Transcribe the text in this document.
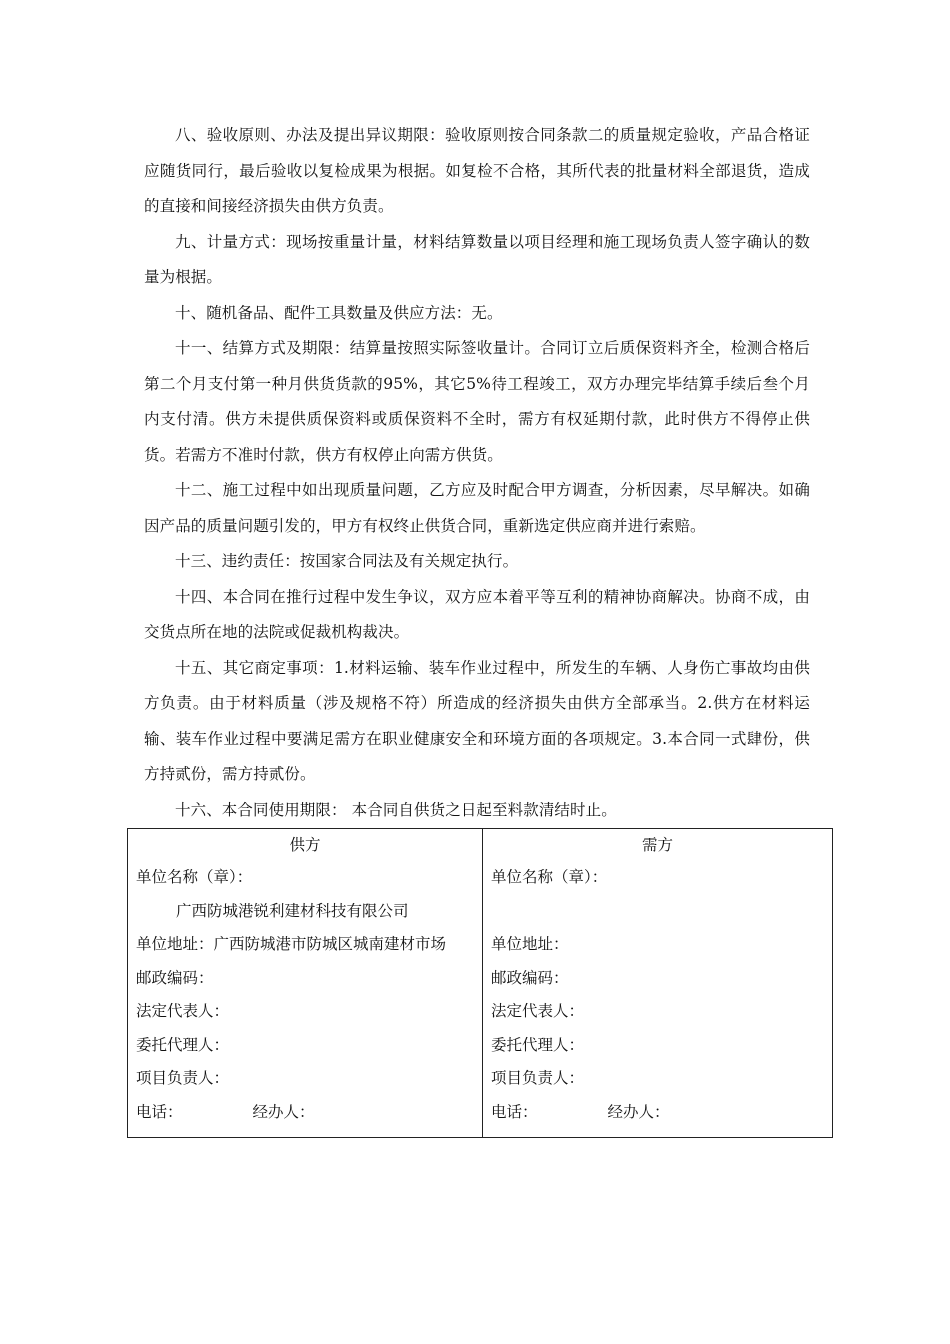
八、验收原则、办法及提出异议期限：验收原则按合同条款二的质量规定验收，产品合格证应随货同行，最后验收以复检成果为根据。如复检不合格，其所代表的批量材料全部退货，造成的直接和间接经济损失由供方负责。

九、计量方式：现场按重量计量，材料结算数量以项目经理和施工现场负责人签字确认的数量为根据。

十、随机备品、配件工具数量及供应方法：无。

十一、结算方式及期限：结算量按照实际签收量计。合同订立后质保资料齐全，检测合格后第二个月支付第一种月供货货款的95%，其它5%待工程竣工，双方办理完毕结算手续后叁个月内支付清。供方未提供质保资料或质保资料不全时，需方有权延期付款，此时供方不得停止供货。若需方不准时付款，供方有权停止向需方供货。

十二、施工过程中如出现质量问题，乙方应及时配合甲方调查，分析因素，尽早解决。如确因产品的质量问题引发的，甲方有权终止供货合同，重新选定供应商并进行索赔。

十三、违约责任：按国家合同法及有关规定执行。

十四、本合同在推行过程中发生争议，双方应本着平等互利的精神协商解决。协商不成，由交货点所在地的法院或促裁机构裁决。

十五、其它商定事项：1.材料运输、装车作业过程中，所发生的车辆、人身伤亡事故均由供方负责。由于材料质量（涉及规格不符）所造成的经济损失由供方全部承当。2.供方在材料运输、装车作业过程中要满足需方在职业健康安全和环境方面的各项规定。3.本合同一式肆份，供方持贰份，需方持贰份。

十六、本合同使用期限： 本合同自供货之日起至料款清结时止。

供方
单位名称（章）：
广西防城港锐利建材科技有限公司
单位地址：广西防城港市防城区城南建材市场
邮政编码：
法定代表人：
委托代理人：
项目负责人：
电话：	经办人：
需方
单位名称（章）：
单位地址：
邮政编码：
法定代表人：
委托代理人：
项目负责人：
电话：	经办人：
